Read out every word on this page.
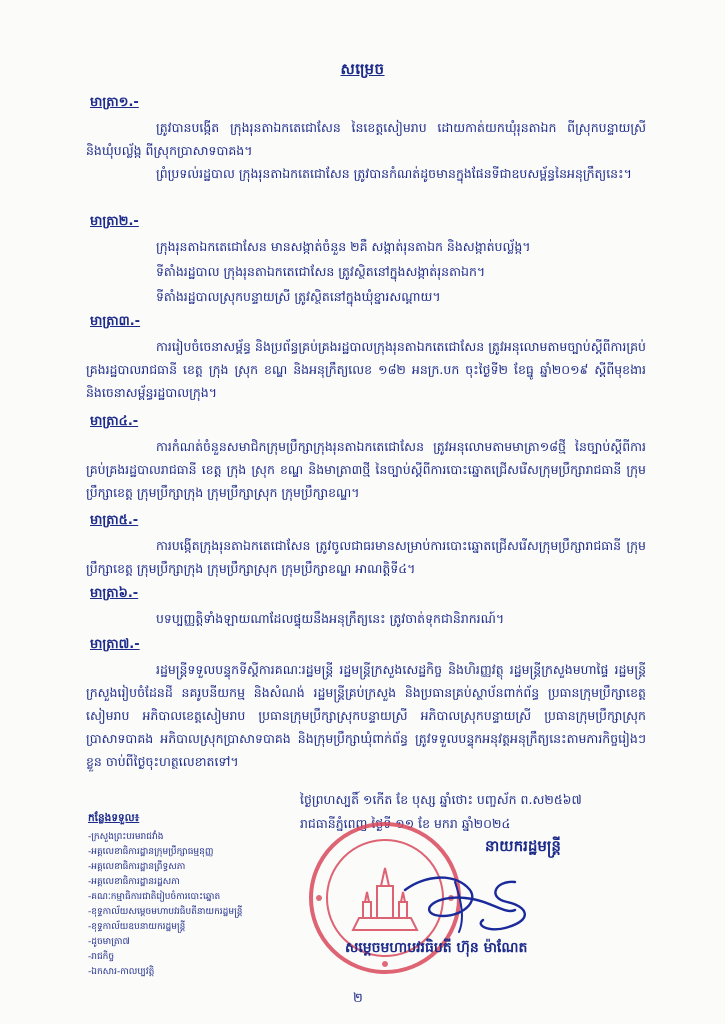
សម្រេច
មាត្រា១.-

ត្រូវបានបង្កើត ក្រុងរុនតាឯកតេជោសែន នៃខេត្តសៀមរាប ដោយកាត់យកឃុំរុនតាឯក ពីស្រុកបន្ទាយស្រី និងឃុំបល្ល័ង្ក ពីស្រុកប្រាសាទបាគង។

ព្រំប្រទល់រដ្ឋបាល ក្រុងរុនតាឯកតេជោសែន ត្រូវបានកំណត់ដូចមានក្នុងផែនទីជាឧបសម្ព័ន្ធនៃអនុក្រឹត្យនេះ។

មាត្រា២.-

ក្រុងរុនតាឯកតេជោសែន មានសង្កាត់ចំនួន ២គឺ សង្កាត់រុនតាឯក និងសង្កាត់បល្ល័ង្ក។

ទីតាំងរដ្ឋបាល ក្រុងរុនតាឯកតេជោសែន ត្រូវស្ថិតនៅក្នុងសង្កាត់រុនតាឯក។

ទីតាំងរដ្ឋបាលស្រុកបន្ទាយស្រី ត្រូវស្ថិតនៅក្នុងឃុំខ្នារសណ្ដាយ។

មាត្រា៣.-

ការរៀបចំចេនាសម្ព័ន្ធ និងប្រព័ន្ធគ្រប់គ្រងរដ្ឋបាលក្រុងរុនតាឯកតេជោសែន ត្រូវអនុលោមតាមច្បាប់ស្ដីពីការគ្រប់គ្រងរដ្ឋបាលរាជធានី ខេត្ត ក្រុង ស្រុក ខណ្ឌ និងអនុក្រឹត្យលេខ ១៨២ អនក្រ.បក ចុះថ្ងៃទី២ ខែធ្នូ ឆ្នាំ២០១៩ ស្ដីពីមុខងារ និងចេនាសម្ព័ន្ធរដ្ឋបាលក្រុង។

មាត្រា៤.-

ការកំណត់ចំនួនសមាជិកក្រុមប្រឹក្សាក្រុងរុនតាឯកតេជោសែន ត្រូវអនុលោមតាមមាត្រា១៨ថ្មី នៃច្បាប់ស្ដីពីការគ្រប់គ្រងរដ្ឋបាលរាជធានី ខេត្ត ក្រុង ស្រុក ខណ្ឌ និងមាត្រា៣ថ្មី នៃច្បាប់ស្ដីពីការបោះឆ្នោតជ្រើសរើសក្រុមប្រឹក្សារាជធានី ក្រុមប្រឹក្សាខេត្ត ក្រុមប្រឹក្សាក្រុង ក្រុមប្រឹក្សាស្រុក ក្រុមប្រឹក្សាខណ្ឌ។

មាត្រា៥.-

ការបង្កើតក្រុងរុនតាឯកតេជោសែន ត្រូវចូលជាធរមានសម្រាប់ការបោះឆ្នោតជ្រើសរើសក្រុមប្រឹក្សារាជធានី ក្រុមប្រឹក្សាខេត្ត ក្រុមប្រឹក្សាក្រុង ក្រុមប្រឹក្សាស្រុក ក្រុមប្រឹក្សាខណ្ឌ អាណត្តិទី៤។

មាត្រា៦.-

បទប្បញ្ញត្តិទាំងឡាយណាដែលផ្ទុយនឹងអនុក្រឹត្យនេះ ត្រូវចាត់ទុកជានិរាករណ៍។

មាត្រា៧.-

រដ្ឋមន្ត្រីទទួលបន្ទុកទីស្ដីការគណៈរដ្ឋមន្ត្រី រដ្ឋមន្ត្រីក្រសួងសេដ្ឋកិច្ច និងហិរញ្ញវត្ថុ រដ្ឋមន្ត្រីក្រសួងមហាផ្ទៃ រដ្ឋមន្ត្រីក្រសួងរៀបចំដែនដី នគរូបនីយកម្ម និងសំណង់ រដ្ឋមន្ត្រីគ្រប់ក្រសួង និងប្រធានគ្រប់ស្ថាប័នពាក់ព័ន្ធ ប្រធានក្រុមប្រឹក្សាខេត្តសៀមរាប អភិបាលខេត្តសៀមរាប ប្រធានក្រុមប្រឹក្សាស្រុកបន្ទាយស្រី អភិបាលស្រុកបន្ទាយស្រី ប្រធានក្រុមប្រឹក្សាស្រុកប្រាសាទបាគង អភិបាលស្រុកប្រាសាទបាគង និងក្រុមប្រឹក្សាឃុំពាក់ព័ន្ធ ត្រូវទទួលបន្ទុកអនុវត្តអនុក្រឹត្យនេះតាមភារកិច្ចរៀងៗខ្លួន ចាប់ពីថ្ងៃចុះហត្ថលេខាតទៅ។

ថ្ងៃព្រហស្បតិ៍ ១កើត ខែ បុស្ស ឆ្នាំថោះ បញ្ចស័ក ព.ស២៥៦៧
រាជធានីភ្នំពេញ ថ្ងៃទី ១១ ខែ មករា ឆ្នាំ២០២៤
នាយករដ្ឋមន្ត្រី
កន្លែងទទួល៖
-ក្រសួងព្រះបរមរាជវាំង
-អគ្គលេខាធិការដ្ឋានក្រុមប្រឹក្សាធម្មនុញ្ញ
-អគ្គលេខាធិការដ្ឋានព្រឹទ្ធសភា
-អគ្គលេខាធិការដ្ឋានរដ្ឋសភា
-គណៈកម្មាធិការជាតិរៀបចំការបោះឆ្នោត
-ខុទ្ទកាល័យសម្ដេចមហាបវរធិបតីនាយករដ្ឋមន្ត្រី
-ខុទ្ទកាល័យឧបនាយករដ្ឋមន្ត្រី
-ដូចមាត្រា៧
-រាជកិច្ច
-ឯកសារ-កាលប្បវត្តិ
សម្ដេចមហាបវរធិបតី ហ៊ុន ម៉ាណែត
២
